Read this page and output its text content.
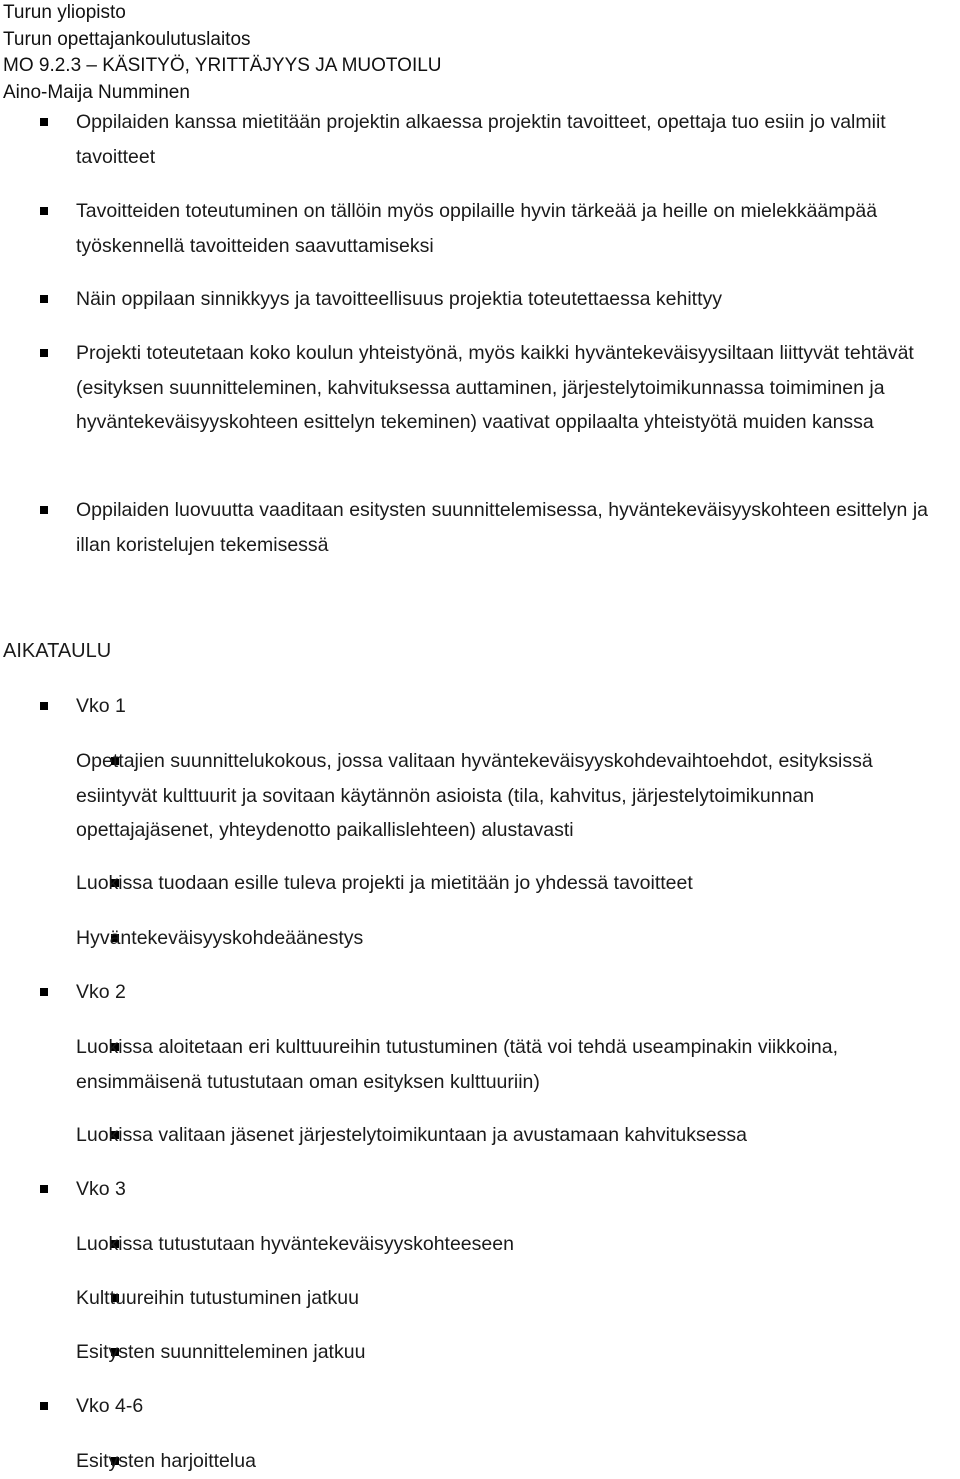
Turun yliopisto
Turun opettajankoulutuslaitos
MO 9.2.3 – KÄSITYÖ, YRITTÄJYYS JA MUOTOILU
Aino-Maija Numminen
Oppilaiden kanssa mietitään projektin alkaessa projektin tavoitteet, opettaja tuo esiin jo valmiit tavoitteet
Tavoitteiden toteutuminen on tällöin myös oppilaille hyvin tärkeää ja heille on mielekkäämpää työskennellä tavoitteiden saavuttamiseksi
Näin oppilaan sinnikkyys ja tavoitteellisuus projektia toteutettaessa kehittyy
Projekti toteutetaan koko koulun yhteistyönä, myös kaikki hyväntekeväisyysiltaan liittyvät tehtävät (esityksen suunnitteleminen, kahvituksessa auttaminen, järjestelytoimikunnassa toimiminen ja hyväntekeväisyyskohteen esittelyn tekeminen) vaativat oppilaalta yhteistyötä muiden kanssa
Oppilaiden luovuutta vaaditaan esitysten suunnittelemisessa, hyväntekeväisyyskohteen esittelyn ja illan koristelujen tekemisessä
AIKATAULU
Vko 1
Opettajien suunnittelukokous, jossa valitaan hyväntekeväisyyskohdevaihtoehdot, esityksissä esiintyvät kulttuurit ja sovitaan käytännön asioista (tila, kahvitus, järjestelytoimikunnan opettajajäsenet, yhteydenotto paikallislehteen) alustavasti
Luokissa tuodaan esille tuleva projekti ja mietitään jo yhdessä tavoitteet
Hyväntekeväisyyskohdeäänestys
Vko 2
Luokissa aloitetaan eri kulttuureihin tutustuminen (tätä voi tehdä useampinakin viikkoina, ensimmäisenä tutustutaan oman esityksen kulttuuriin)
Luokissa valitaan jäsenet järjestelytoimikuntaan ja avustamaan kahvituksessa
Vko 3
Luokissa tutustutaan hyväntekeväisyyskohteeseen
Kulttuureihin tutustuminen jatkuu
Esitysten suunnitteleminen jatkuu
Vko 4-6
Esitysten harjoittelua
